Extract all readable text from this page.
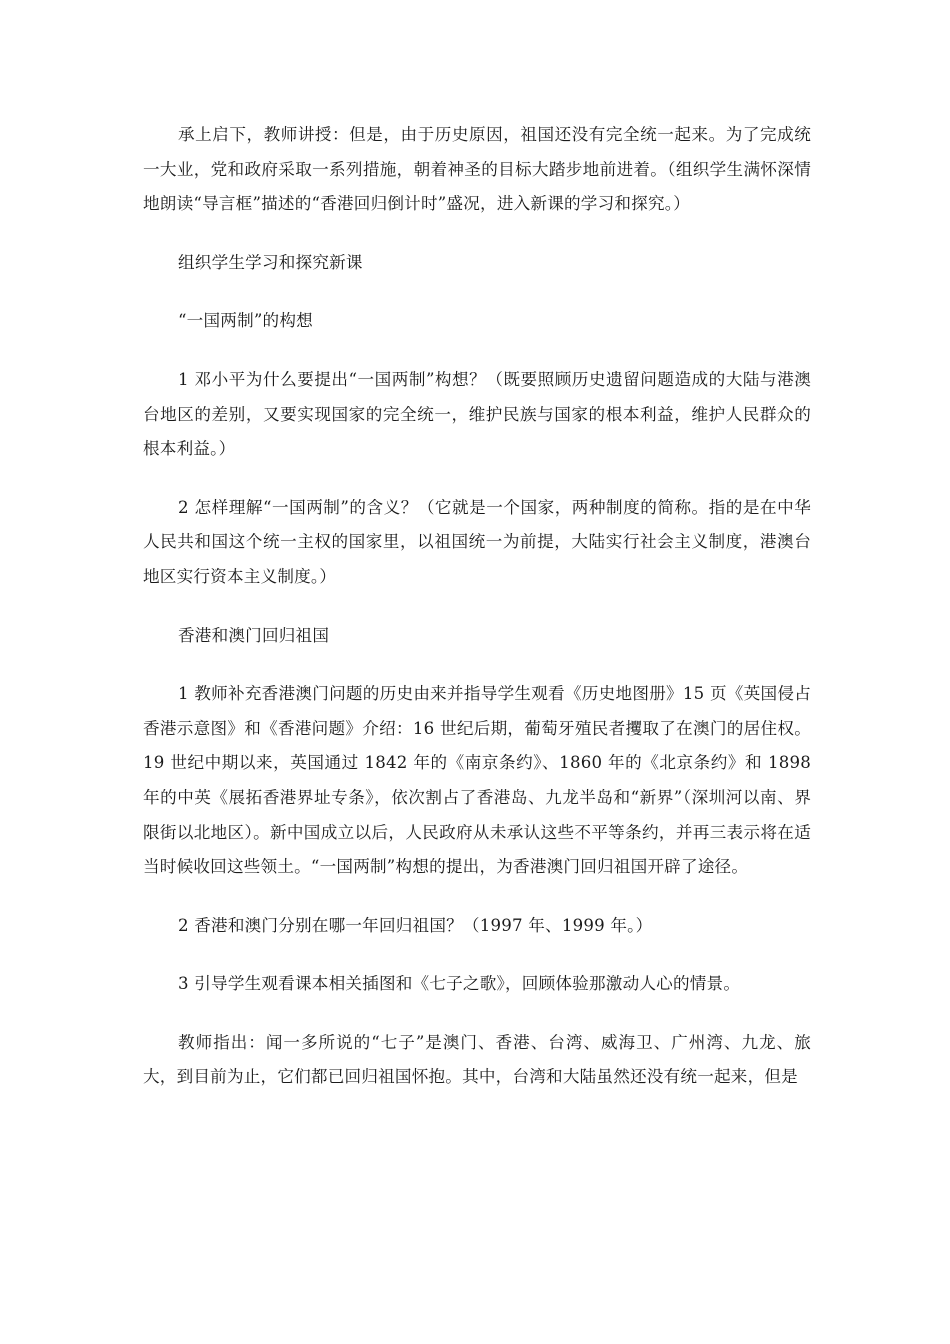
承上启下，教师讲授：但是，由于历史原因，祖国还没有完全统一起来。为了完成统一大业，党和政府采取一系列措施，朝着神圣的目标大踏步地前进着。（组织学生满怀深情地朗读“导言框”描述的“香港回归倒计时”盛况，进入新课的学习和探究。）

组织学生学习和探究新课

“一国两制”的构想

1 邓小平为什么要提出“一国两制”构想？（既要照顾历史遗留问题造成的大陆与港澳台地区的差别，又要实现国家的完全统一，维护民族与国家的根本利益，维护人民群众的根本利益。）

2 怎样理解“一国两制”的含义？（它就是一个国家，两种制度的简称。指的是在中华人民共和国这个统一主权的国家里，以祖国统一为前提，大陆实行社会主义制度，港澳台地区实行资本主义制度。）

香港和澳门回归祖国

1 教师补充香港澳门问题的历史由来并指导学生观看《历史地图册》15 页《英国侵占香港示意图》和《香港问题》介绍：16 世纪后期，葡萄牙殖民者攫取了在澳门的居住权。19 世纪中期以来，英国通过 1842 年的《南京条约》、1860 年的《北京条约》和 1898 年的中英《展拓香港界址专条》，依次割占了香港岛、九龙半岛和“新界”（深圳河以南、界限街以北地区）。新中国成立以后，人民政府从未承认这些不平等条约，并再三表示将在适当时候收回这些领土。“一国两制”构想的提出，为香港澳门回归祖国开辟了途径。

2 香港和澳门分别在哪一年回归祖国？（1997 年、1999 年。）

3 引导学生观看课本相关插图和《七子之歌》，回顾体验那激动人心的情景。

教师指出：闻一多所说的“七子”是澳门、香港、台湾、威海卫、广州湾、九龙、旅大，到目前为止，它们都已回归祖国怀抱。其中，台湾和大陆虽然还没有统一起来，但是
